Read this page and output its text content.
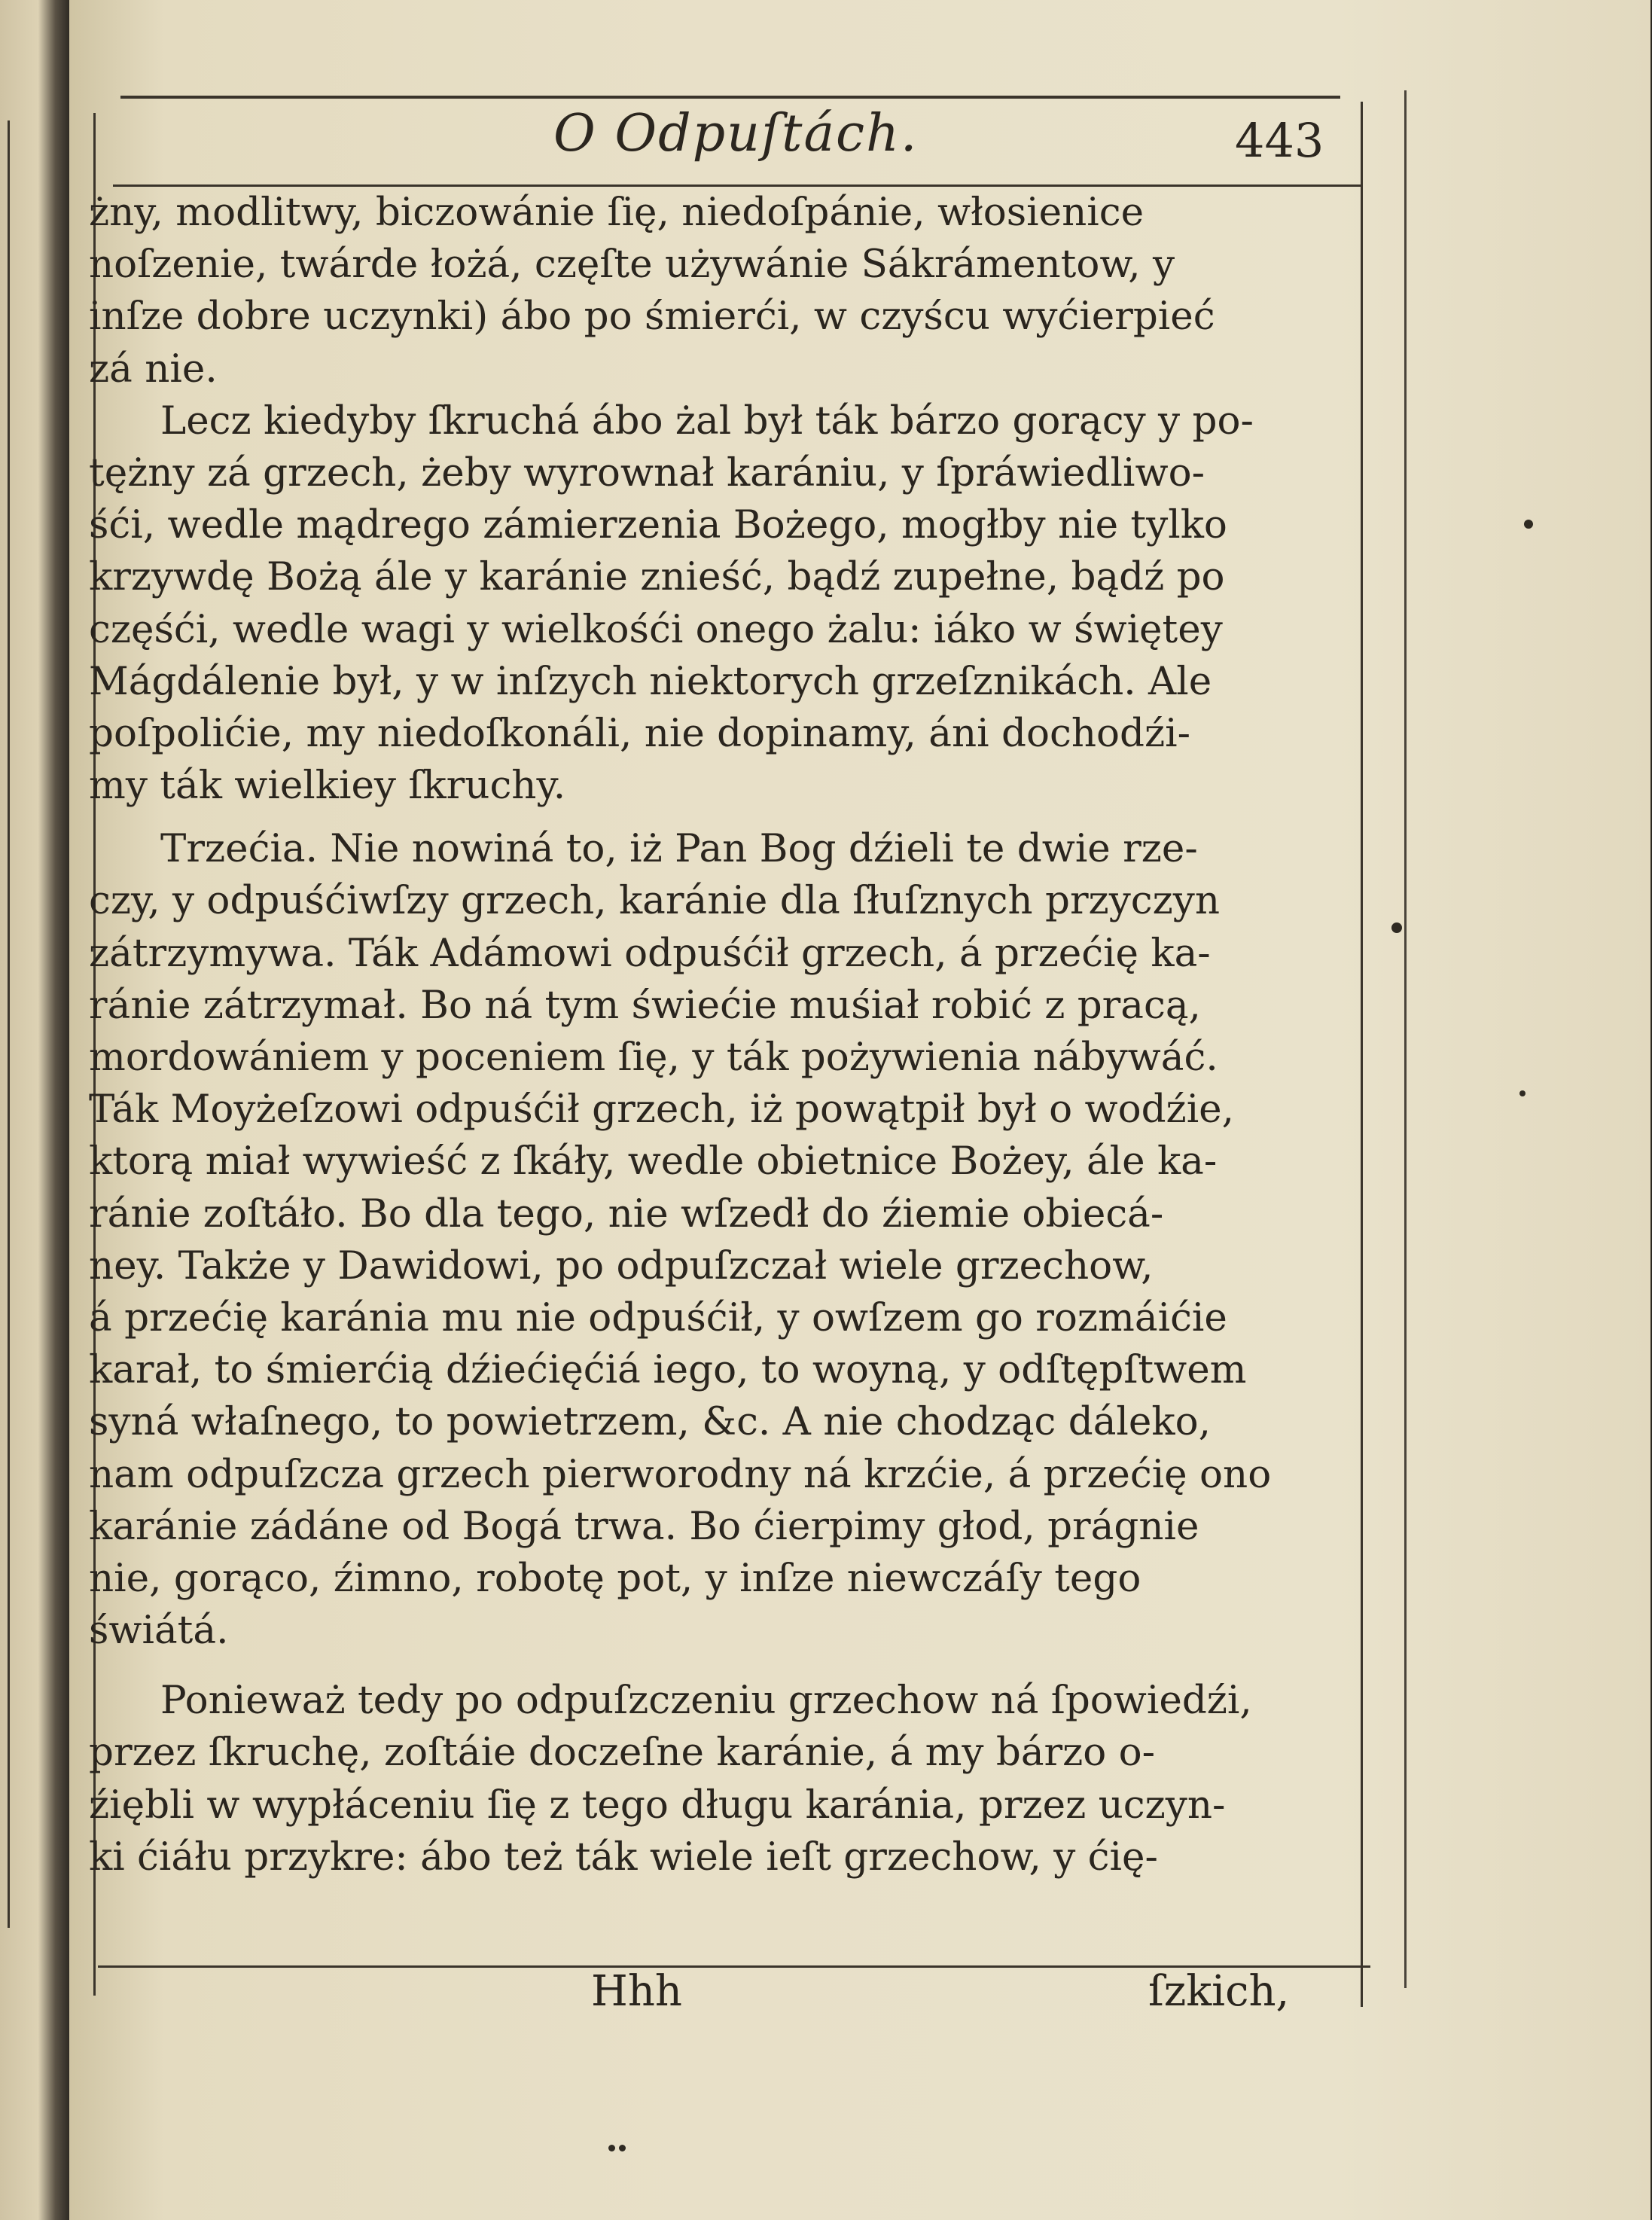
O Odpuſtách.	443
żny, modlitwy, biczowánie ſię, niedoſpánie, włosienice
noſzenie, twárde łożá, częſte używánie Sákrámentow, y
inſze dobre uczynki) ábo po śmierći, w czyścu wyćierpieć
zá nie.
Lecz kiedyby ſkruchá ábo żal był ták bárzo gorący y po-
tężny zá grzech, żeby wyrownał karániu, y ſpráwiedliwo-
śći, wedle mądrego zámierzenia Bożego, mogłby nie tylko
krzywdę Bożą ále y karánie znieść, bądź zupełne, bądź po
częśći, wedle wagi y wielkośći onego żalu: iáko w świętey
Mágdálenie był, y w inſzych niektorych grzeſznikách. Ale
poſpolićie, my niedoſkonáli, nie dopinamy, áni dochodźi-
my ták wielkiey ſkruchy.
Trzećia. Nie nowiná to, iż Pan Bog dźieli te dwie rze-
czy, y odpuśćiwſzy grzech, karánie dla ſłuſznych przyczyn
zátrzymywa. Ták Adámowi odpuśćił grzech, á przećię ka-
ránie zátrzymał. Bo ná tym świećie muśiał robić z pracą,
mordowániem y poceniem ſię, y ták pożywienia nábywáć.
Ták Moyżeſzowi odpuśćił grzech, iż powątpił był o wodźie,
ktorą miał wywieść z ſkáły, wedle obietnice Bożey, ále ka-
ránie zoſtáło. Bo dla tego, nie wſzedł do źiemie obiecá-
ney. Także y Dawidowi, po odpuſzczał wiele grzechow,
á przećię karánia mu nie odpuśćił, y owſzem go rozmáićie
karał, to śmierćią dźiećięćiá iego, to woyną, y odſtępſtwem
syná właſnego, to powietrzem, &c. A nie chodząc dáleko,
nam odpuſzcza grzech pierworodny ná krzćie, á przećię ono
karánie zádáne od Bogá trwa. Bo ćierpimy głod, prágnie
nie, gorąco, źimno, robotę pot, y inſze niewczáſy tego
świátá.
Ponieważ tedy po odpuſzczeniu grzechow ná ſpowiedźi,
przez ſkruchę, zoſtáie doczeſne karánie, á my bárzo o-
źiębli w wypłáceniu ſię z tego długu karánia, przez uczyn-
ki ćiáłu przykre: ábo też ták wiele ieſt grzechow, y ćię-
Hhh	ſzkich,
